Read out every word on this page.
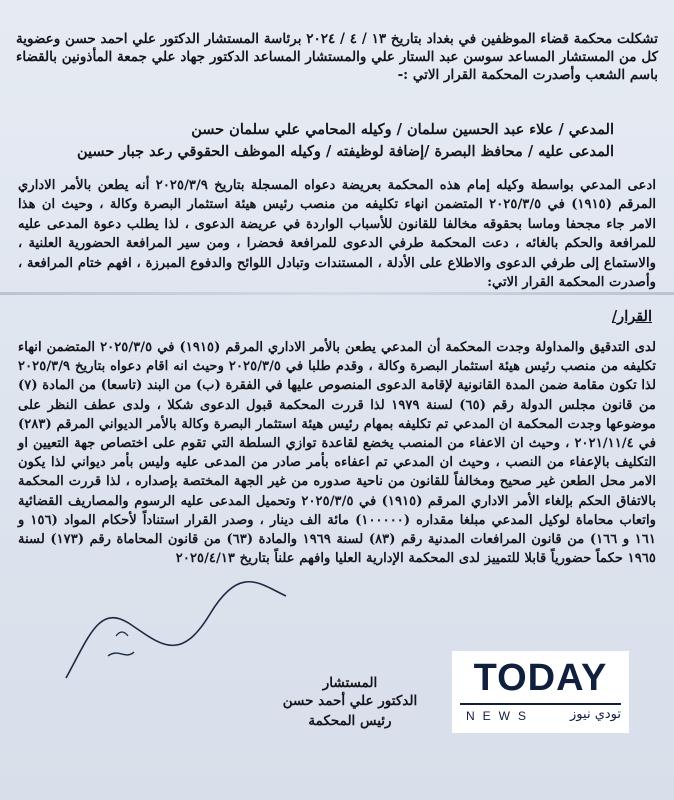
تشكلت محكمة قضاء الموظفين في بغداد بتاريخ ١٣ / ٤ / ٢٠٢٤ برئاسة المستشار الدكتور علي احمد حسن وعضوية كل من المستشار المساعد سوسن عبد الستار علي والمستشار المساعد الدكتور جهاد علي جمعة المأذونين بالقضاء باسم الشعب وأصدرت المحكمة القرار الاتي :-
المدعي / علاء عبد الحسين سلمان / وكيله المحامي علي سلمان حسن
المدعى عليه / محافظ البصرة /إضافة لوظيفته / وكيله الموظف الحقوقي رعد جبار حسين
ادعى المدعي بواسطة وكيله إمام هذه المحكمة بعريضة دعواه المسجلة بتاريخ ٢٠٢٥/٣/٩ أنه يطعن بالأمر الاداري المرقم (١٩١٥) في ٢٠٢٥/٣/٥ المتضمن انهاء تكليفه من منصب رئيس هيئة استثمار البصرة وكالة ، وحيث ان هذا الامر جاء مجحفا وماسا بحقوقه مخالفا للقانون للأسباب الواردة في عريضة الدعوى ، لذا يطلب دعوة المدعى عليه للمرافعة والحكم بالغائه ، دعت المحكمة طرفي الدعوى للمرافعة فحضرا ، ومن سير المرافعة الحضورية العلنية ، والاستماع إلى طرفي الدعوى والاطلاع على الأدلة ، المستندات وتبادل اللوائح والدفوع المبرزة ، افهم ختام المرافعة ، وأصدرت المحكمة القرار الاتي:
القرار/
لدى التدقيق والمداولة وجدت المحكمة أن المدعي يطعن بالأمر الاداري المرقم (١٩١٥) في ٢٠٢٥/٣/٥ المتضمن انهاء تكليفه من منصب رئيس هيئة استثمار البصرة وكالة ، وقدم طلبا في ٢٠٢٥/٣/٥ وحيث انه اقام دعواه بتاريخ ٢٠٢٥/٣/٩ لذا تكون مقامة ضمن المدة القانونية لإقامة الدعوى المنصوص عليها في الفقرة (ب) من البند (تاسعا) من المادة (٧) من قانون مجلس الدولة رقم (٦٥) لسنة ١٩٧٩ لذا قررت المحكمة قبول الدعوى شكلا ، ولدى عطف النظر على موضوعها وجدت المحكمة ان المدعي تم تكليفه بمهام رئيس هيئة استثمار البصرة وكالة بالأمر الديواني المرقم (٢٨٣) في ٢٠٢١/١١/٤ ، وحيث ان الاعفاء من المنصب يخضع لقاعدة توازي السلطة التي تقوم على اختصاص جهة التعيين او التكليف بالإعفاء من النصب ، وحيث ان المدعي تم اعفاءه بأمر صادر من المدعى عليه وليس بأمر ديواني لذا يكون الامر محل الطعن غير صحيح ومخالفاً للقانون من ناحية صدوره من غير الجهة المختصة بإصداره ، لذا قررت المحكمة بالاتفاق الحكم بإلغاء الأمر الاداري المرقم (١٩١٥) في ٢٠٢٥/٣/٥ وتحميل المدعى عليه الرسوم والمصاريف القضائية واتعاب محاماة لوكيل المدعي مبلغا مقداره (١٠٠٠٠٠) مائة الف دينار ، وصدر القرار استناداً لأحكام المواد (١٥٦ و ١٦١ و ١٦٦) من قانون المرافعات المدنية رقم (٨٣) لسنة ١٩٦٩ والمادة (٦٣) من قانون المحاماة رقم (١٧٣) لسنة ١٩٦٥ حكماً حضورياً قابلا للتمييز لدى المحكمة الإدارية العليا وافهم علناً بتاريخ ٢٠٢٥/٤/١٣
المستشار
الدكتور علي أحمد حسن
رئيس المحكمة
TODAY
NEWS	تودي نيوز
